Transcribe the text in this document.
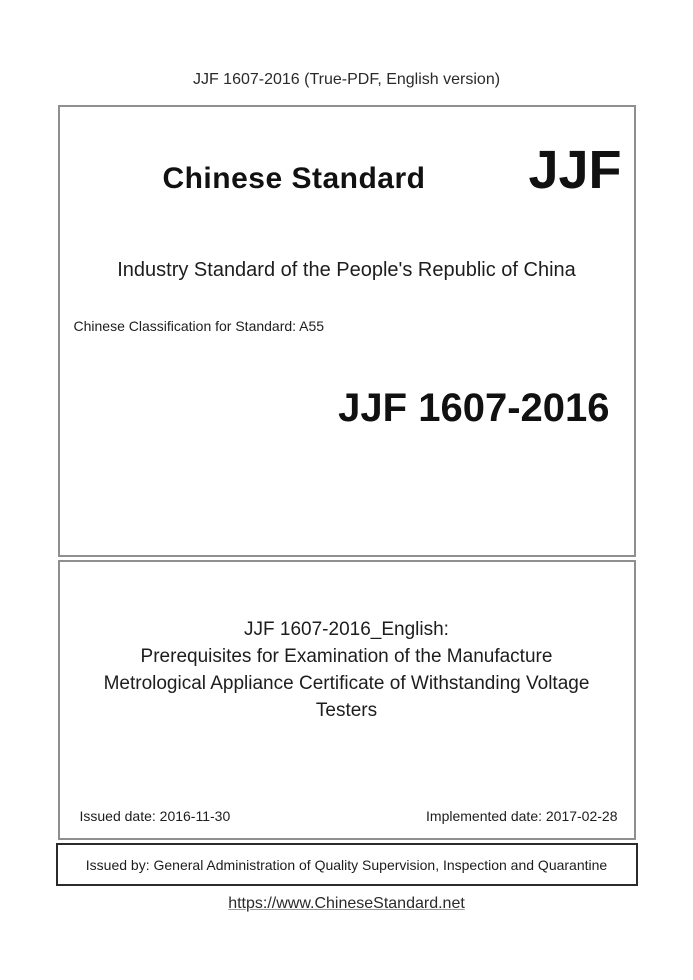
JJF 1607-2016 (True-PDF, English version)
Chinese Standard	JJF
Industry Standard of the People's Republic of China
Chinese Classification for Standard: A55
JJF 1607-2016
JJF 1607-2016_English:
Prerequisites for Examination of the Manufacture
Metrological Appliance Certificate of Withstanding Voltage
Testers
Issued date: 2016-11-30	Implemented date: 2017-02-28
Issued by: General Administration of Quality Supervision, Inspection and Quarantine
https://www.ChineseStandard.net
